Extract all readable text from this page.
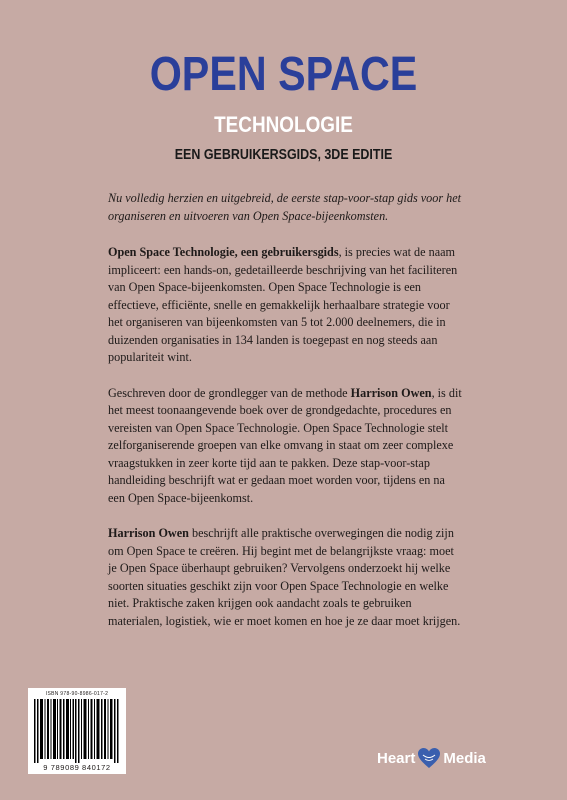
OPEN SPACE
TECHNOLOGIE
EEN GEBRUIKERSGIDS, 3DE EDITIE

Nu volledig herzien en uitgebreid, de eerste stap-voor-stap gids voor het organiseren en uitvoeren van Open Space-bijeenkomsten.

Open Space Technologie, een gebruikersgids, is precies wat de naam impliceert: een hands-on, gedetailleerde beschrijving van het faciliteren van Open Space-bijeenkomsten. Open Space Technologie is een effectieve, efficiënte, snelle en gemakkelijk herhaalbare strategie voor het organiseren van bijeenkomsten van 5 tot 2.000 deelnemers, die in duizenden organisaties in 134 landen is toegepast en nog steeds aan populariteit wint.

Geschreven door de grondlegger van de methode Harrison Owen, is dit het meest toonaangevende boek over de grondgedachte, procedures en vereisten van Open Space Technologie. Open Space Technologie stelt zelforganiserende groepen van elke omvang in staat om zeer complexe vraagstukken in zeer korte tijd aan te pakken. Deze stap-voor-stap handleiding beschrijft wat er gedaan moet worden voor, tijdens en na een Open Space-bijeenkomst.

Harrison Owen beschrijft alle praktische overwegingen die nodig zijn om Open Space te creëren. Hij begint met de belangrijkste vraag: moet je Open Space überhaupt gebruiken? Vervolgens onderzoekt hij welke soorten situaties geschikt zijn voor Open Space Technologie en welke niet. Praktische zaken krijgen ook aandacht zoals te gebruiken materialen, logistiek, wie er moet komen en hoe je ze daar moet krijgen.

ISBN 978-90-8986-017-2
9 789089 840172
Heart Media
